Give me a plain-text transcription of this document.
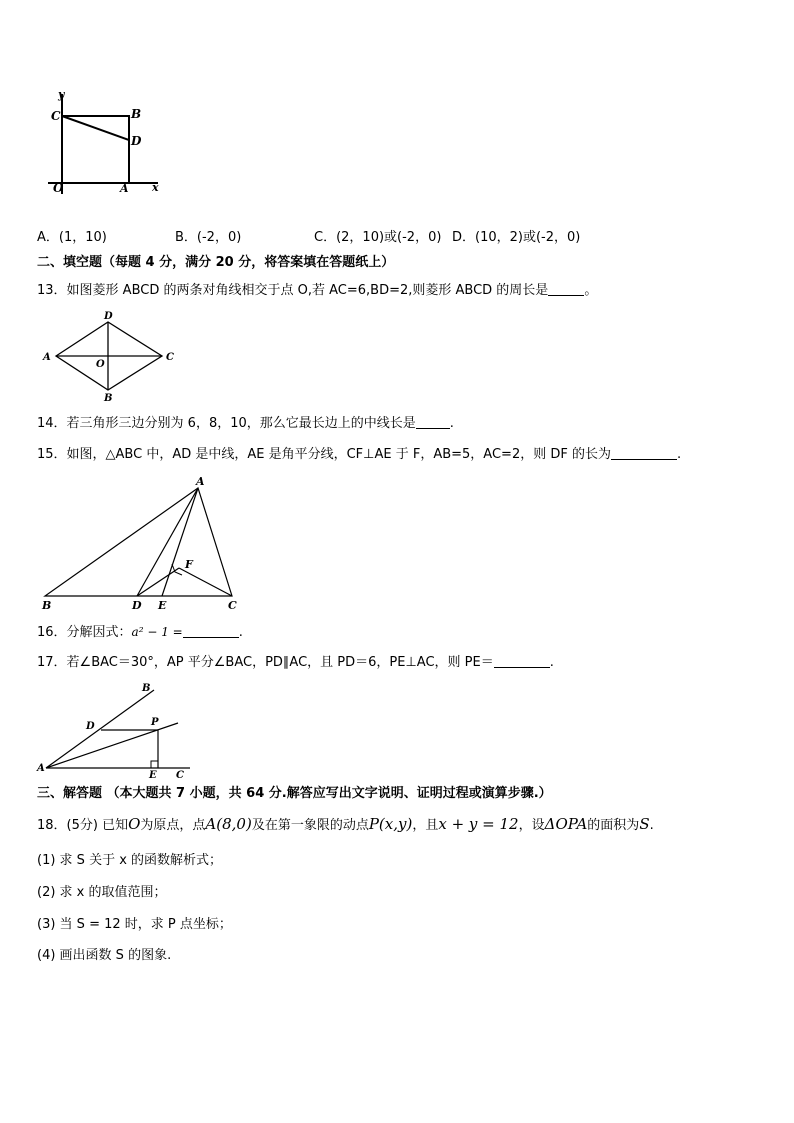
y
C	B
D
O	A x
A．(1，10)	B．(-2，0)	C．(2，10)或(-2，0) D．(10，2)或(-2，0)
二、填空题（每题 4 分，满分 20 分，将答案填在答题纸上）
13．如图菱形 ABCD 的两条对角线相交于点 O,若 AC=6,BD=2,则菱形 ABCD 的周长是	。
D
A	C
O
B
14．若三角形三边分别为 6，8，10，那么它最长边上的中线长是	.
15．如图，△ABC 中，AD 是中线，AE 是角平分线，CF⊥AE 于 F，AB=5，AC=2，则 DF 的长为	.
A
F
B	D E	C
16．分解因式：a² − 1 =	.
17．若∠BAC＝30°，AP 平分∠BAC，PD∥AC，且 PD＝6，PE⊥AC，则 PE＝	.
B
D	P
A
E C
三、解答题 （本大题共 7 小题，共 64 分.解答应写出文字说明、证明过程或演算步骤.）
18．(5分) 已知O为原点，点A(8,0)及在第一象限的动点P(x,y)，且x + y = 12，设ΔOPA的面积为S.
(1) 求 S 关于 x 的函数解析式；
(2) 求 x 的取值范围；
(3) 当 S = 12 时，求 P 点坐标；
(4) 画出函数 S 的图象.
